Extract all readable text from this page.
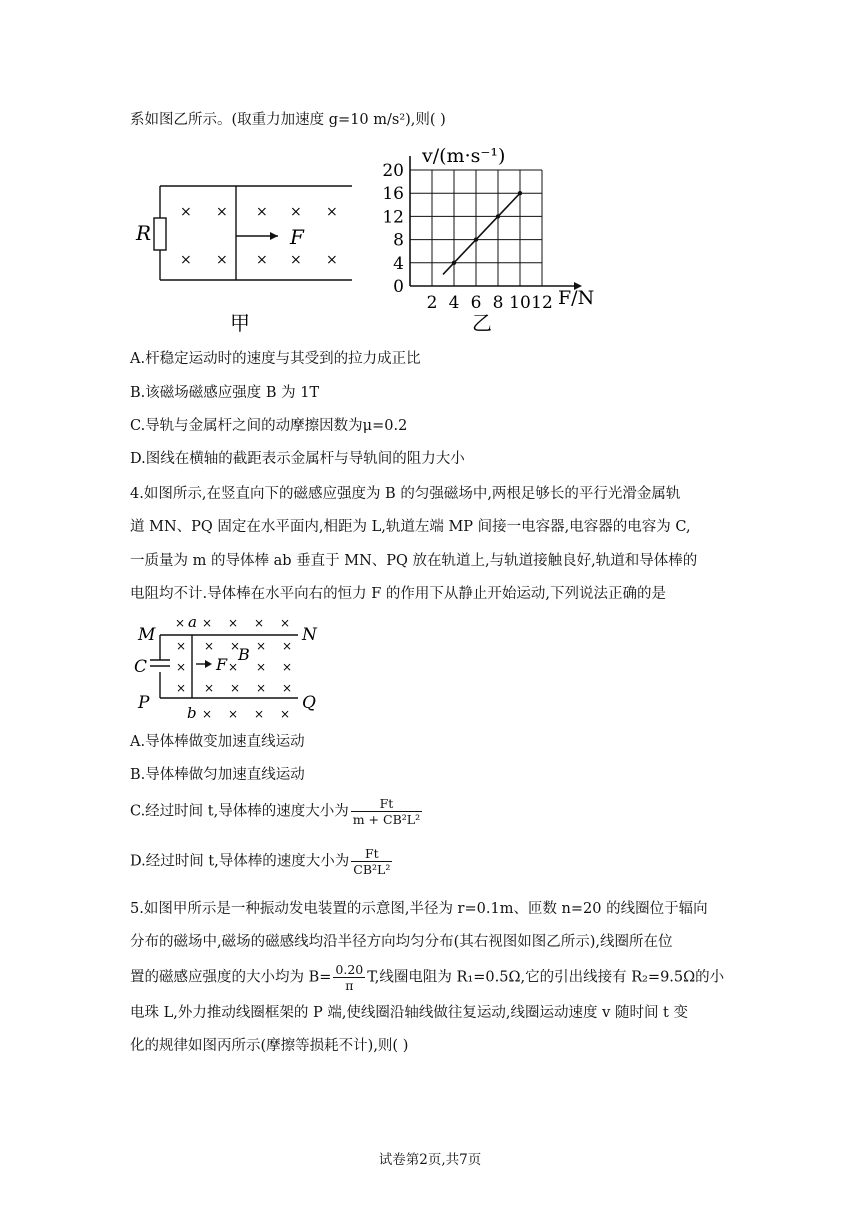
系如图乙所示。(取重力加速度 g=10 m/s²),则( )
R	F
× × × × ×
× × × × ×
甲
0
4
8
12
16
20
2 4 6 8 10 12
v/(m·s⁻¹)
F/N
乙
A.杆稳定运动时的速度与其受到的拉力成正比
B.该磁场磁感应强度 B 为 1T
C.导轨与金属杆之间的动摩擦因数为μ=0.2
D.图线在横轴的截距表示金属杆与导轨间的阻力大小
4.如图所示,在竖直向下的磁感应强度为 B 的匀强磁场中,两根足够长的平行光滑金属轨
道 MN、PQ 固定在水平面内,相距为 L,轨道左端 MP 间接一电容器,电容器的电容为 C,
一质量为 m 的导体棒 ab 垂直于 MN、PQ 放在轨道上,与轨道接触良好,轨道和导体棒的
电阻均不计.导体棒在水平向右的恒力 F 的作用下从静止开始运动,下列说法正确的是
M	N
P	Q
C
a
b
F
B
× × × × ×
× × × × ×
×	× × ×
× × × × ×
× × × ×
A.导体棒做变加速直线运动
B.导体棒做匀加速直线运动
C.经过时间 t,导体棒的速度大小为 $\frac{Ft}{\text{m + CB²L²}}$
D.经过时间 t,导体棒的速度大小为 $\frac{Ft}{\text{CB²L²}}$
5.如图甲所示是一种振动发电装置的示意图,半径为 r=0.1m、匝数 n=20 的线圈位于辐向
分布的磁场中,磁场的磁感线均沿半径方向均匀分布(其右视图如图乙所示),线圈所在位
置的磁感应强度的大小均为 $B= \frac{0.20}{\pi} T$,线圈电阻为 R₁=0.5Ω,它的引出线接有 R₂=9.5Ω的小
电珠 L,外力推动线圈框架的 P 端,使线圈沿轴线做往复运动,线圈运动速度 v 随时间 t 变
化的规律如图丙所示(摩擦等损耗不计),则( )
试卷第2页,共7页
